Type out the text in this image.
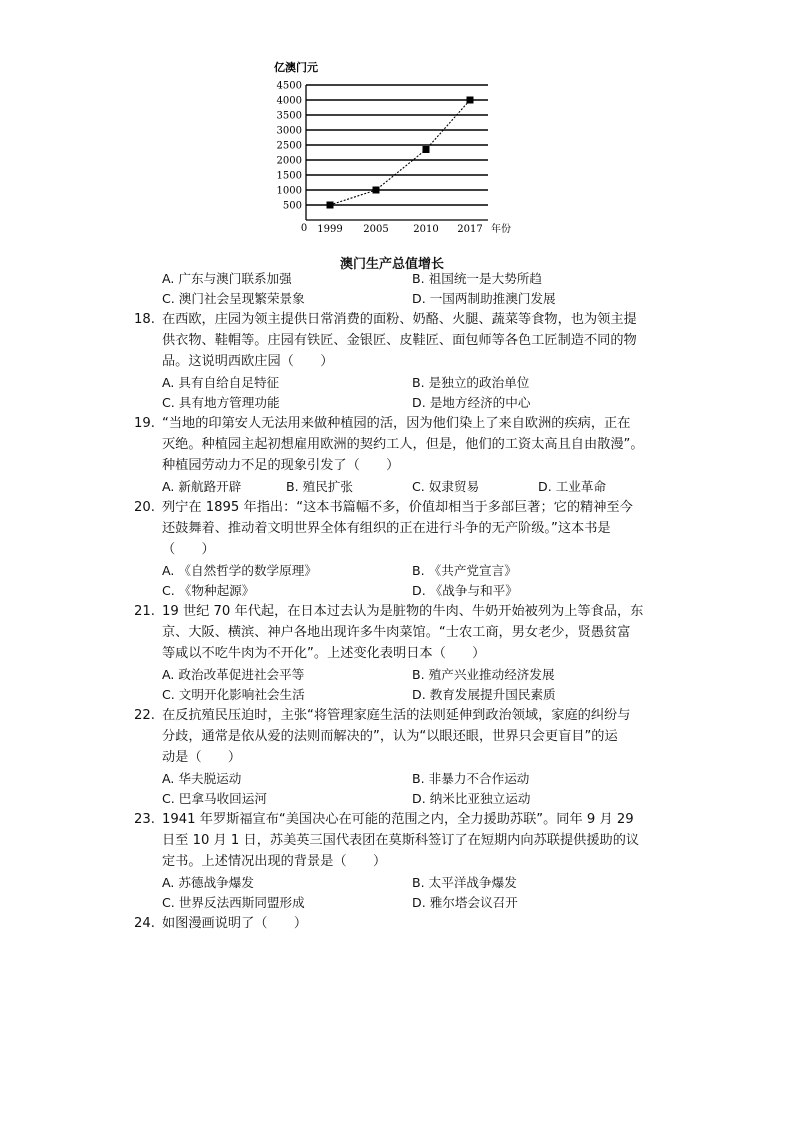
500
1000
1500
2000
2500
3000
3500
4000
4500
1999 2005 2010 2017
亿澳门元
年份
0
澳门生产总值增长
A. 广东与澳门联系加强	B. 祖国统一是大势所趋
C. 澳门社会呈现繁荣景象	D. 一国两制助推澳门发展
18. 在西欧，庄园为领主提供日常消费的面粉、奶酪、火腿、蔬菜等食物，也为领主提
供衣物、鞋帽等。庄园有铁匠、金银匠、皮鞋匠、面包师等各色工匠制造不同的物
品。这说明西欧庄园（　　）
A. 具有自给自足特征	B. 是独立的政治单位
C. 具有地方管理功能	D. 是地方经济的中心
19. “当地的印第安人无法用来做种植园的活，因为他们染上了来自欧洲的疾病，正在
灭绝。种植园主起初想雇用欧洲的契约工人，但是，他们的工资太高且自由散漫”。
种植园劳动力不足的现象引发了（　　）
A. 新航路开辟	B. 殖民扩张	C. 奴隶贸易	D. 工业革命
20. 列宁在 1895 年指出：“这本书篇幅不多，价值却相当于多部巨著；它的精神至今
还鼓舞着、推动着文明世界全体有组织的正在进行斗争的无产阶级。”这本书是
（　　）
A. 《自然哲学的数学原理》	B. 《共产党宣言》
C. 《物种起源》	D. 《战争与和平》
21. 19 世纪 70 年代起，在日本过去认为是脏物的牛肉、牛奶开始被列为上等食品，东
京、大阪、横滨、神户各地出现许多牛肉菜馆。“士农工商，男女老少，贤愚贫富
等咸以不吃牛肉为不开化”。上述变化表明日本（　　）
A. 政治改革促进社会平等	B. 殖产兴业推动经济发展
C. 文明开化影响社会生活	D. 教育发展提升国民素质
22. 在反抗殖民压迫时，主张“将管理家庭生活的法则延伸到政治领域，家庭的纠纷与
分歧，通常是依从爱的法则而解决的”，认为“以眼还眼，世界只会更盲目”的运
动是（　　）
A. 华夫脱运动	B. 非暴力不合作运动
C. 巴拿马收回运河	D. 纳米比亚独立运动
23. 1941 年罗斯福宣布“美国决心在可能的范围之内，全力援助苏联”。同年 9 月 29
日至 10 月 1 日，苏美英三国代表团在莫斯科签订了在短期内向苏联提供援助的议
定书。上述情况出现的背景是（　　）
A. 苏德战争爆发	B. 太平洋战争爆发
C. 世界反法西斯同盟形成	D. 雅尔塔会议召开
24. 如图漫画说明了（　　）
